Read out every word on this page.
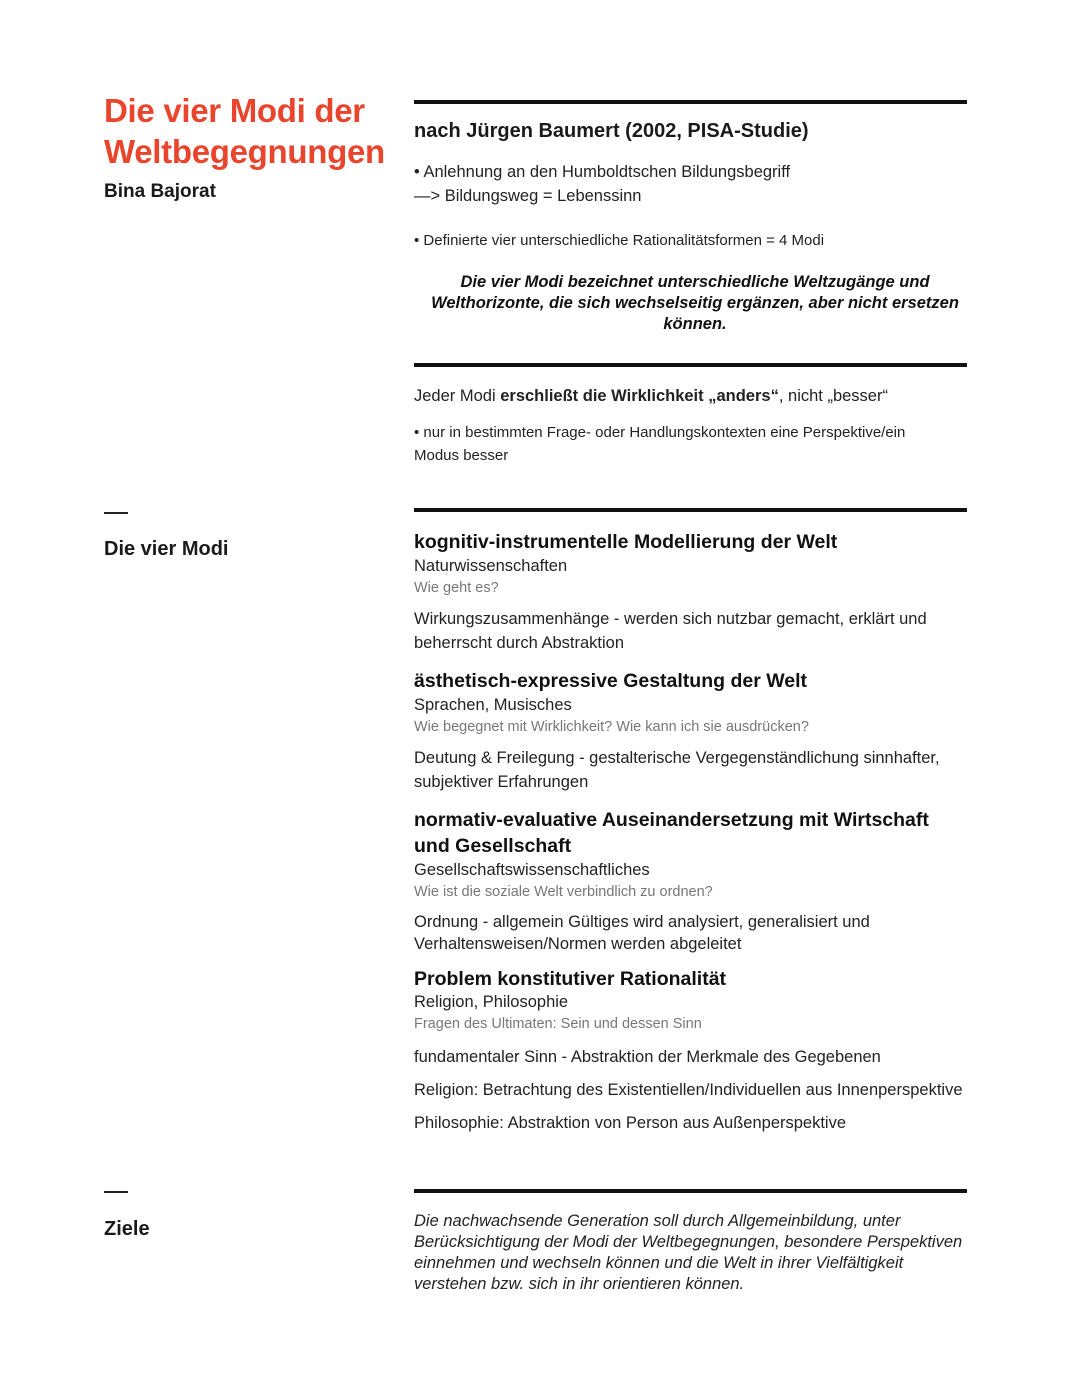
Die vier Modi der
Weltbegegnungen
Bina Bajorat
Die vier Modi
Ziele
nach Jürgen Baumert (2002, PISA-Studie)
• Anlehnung an den Humboldtschen Bildungsbegriff
—> Bildungsweg = Lebenssinn
• Definierte vier unterschiedliche Rationalitätsformen = 4 Modi
Die vier Modi bezeichnet unterschiedliche Weltzugänge und Welthorizonte, die sich wechselseitig ergänzen, aber nicht ersetzen können.
Jeder Modi erschließt die Wirklichkeit „anders“, nicht „besser“
• nur in bestimmten Frage- oder Handlungskontexten eine Perspektive/ein Modus besser
kognitiv-instrumentelle Modellierung der Welt
Naturwissenschaften
Wie geht es?
Wirkungszusammenhänge - werden sich nutzbar gemacht, erklärt und beherrscht durch Abstraktion
ästhetisch-expressive Gestaltung der Welt
Sprachen, Musisches
Wie begegnet mit Wirklichkeit? Wie kann ich sie ausdrücken?
Deutung & Freilegung - gestalterische Vergegenständlichung sinnhafter, subjektiver Erfahrungen
normativ-evaluative Auseinandersetzung mit Wirtschaft und Gesellschaft
Gesellschaftswissenschaftliches
Wie ist die soziale Welt verbindlich zu ordnen?
Ordnung - allgemein Gültiges wird analysiert, generalisiert und Verhaltensweisen/Normen werden abgeleitet
Problem konstitutiver Rationalität
Religion, Philosophie
Fragen des Ultimaten: Sein und dessen Sinn
fundamentaler Sinn - Abstraktion der Merkmale des Gegebenen
Religion: Betrachtung des Existentiellen/Individuellen aus Innenperspektive
Philosophie: Abstraktion von Person aus Außenperspektive
Die nachwachsende Generation soll durch Allgemeinbildung, unter Berücksichtigung der Modi der Weltbegegnungen, besondere Perspektiven einnehmen und wechseln können und die Welt in ihrer Vielfältigkeit verstehen bzw. sich in ihr orientieren können.
